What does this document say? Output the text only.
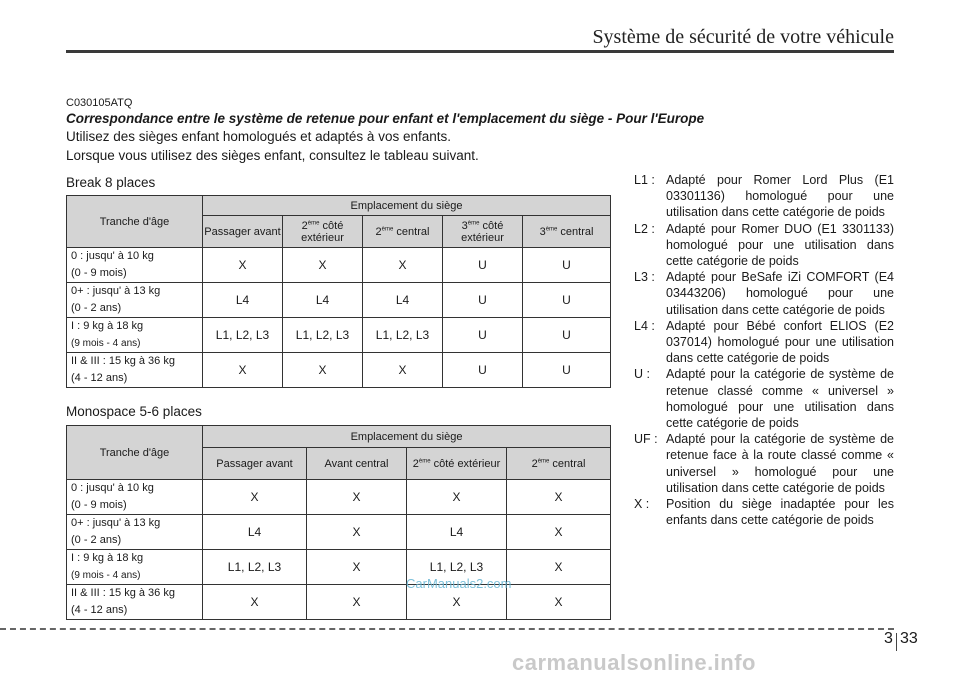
Système de sécurité de votre véhicule
C030105ATQ
Correspondance entre le système de retenue pour enfant et l'emplacement du siège - Pour l'Europe
Utilisez des sièges enfant homologués et adaptés à vos enfants.
Lorsque vous utilisez des sièges enfant, consultez le tableau suivant.
Break 8 places
Tranche d'âge	Emplacement du siège				
	Passager avant	2ème côté extérieur	2ème central	3ème côté extérieur	3ème central

0 : jusqu' à 10 kg
(0 - 9 mois)	X	X	X	U	U

0+ : jusqu' à 13 kg
(0 - 2 ans)	L4	L4	L4	U	U

I : 9 kg à 18 kg
(9 mois - 4 ans)	L1, L2, L3	L1, L2, L3	L1, L2, L3	U	U

II & III : 15 kg à 36 kg
(4 - 12 ans)	X	X	X	U	U
Monospace 5-6 places
Tranche d'âge	Emplacement du siège			
	Passager avant	Avant central	2ème côté extérieur	2ème central

0 : jusqu' à 10 kg
(0 - 9 mois)	X	X	X	X

0+ : jusqu' à 13 kg
(0 - 2 ans)	L4	X	L4	X

I : 9 kg à 18 kg
(9 mois - 4 ans)	L1, L2, L3	X	L1, L2, L3	X

II & III : 15 kg à 36 kg
(4 - 12 ans)	X	X	X	X
L1 : Adapté pour Romer Lord Plus (E1 03301136) homologué pour une utilisation dans cette catégorie de poids
L2 : Adapté pour Romer DUO (E1 3301133) homologué pour une utilisation dans cette catégorie de poids
L3 : Adapté pour BeSafe iZi COMFORT (E4 03443206) homologué pour une utilisation dans cette catégorie de poids
L4 : Adapté pour Bébé confort ELIOS (E2 037014) homologué pour une utilisation dans cette catégorie de poids
U :	Adapté pour la catégorie de système de retenue classé comme « universel » homologué pour une utilisation dans cette catégorie de poids
UF : Adapté pour la catégorie de système de retenue face à la route classé comme « universel » homologué pour une utilisation dans cette catégorie de poids
X :	Position du siège inadaptée pour les enfants dans cette catégorie de poids
CarManuals2.com
3 33
carmanualsonline.info
